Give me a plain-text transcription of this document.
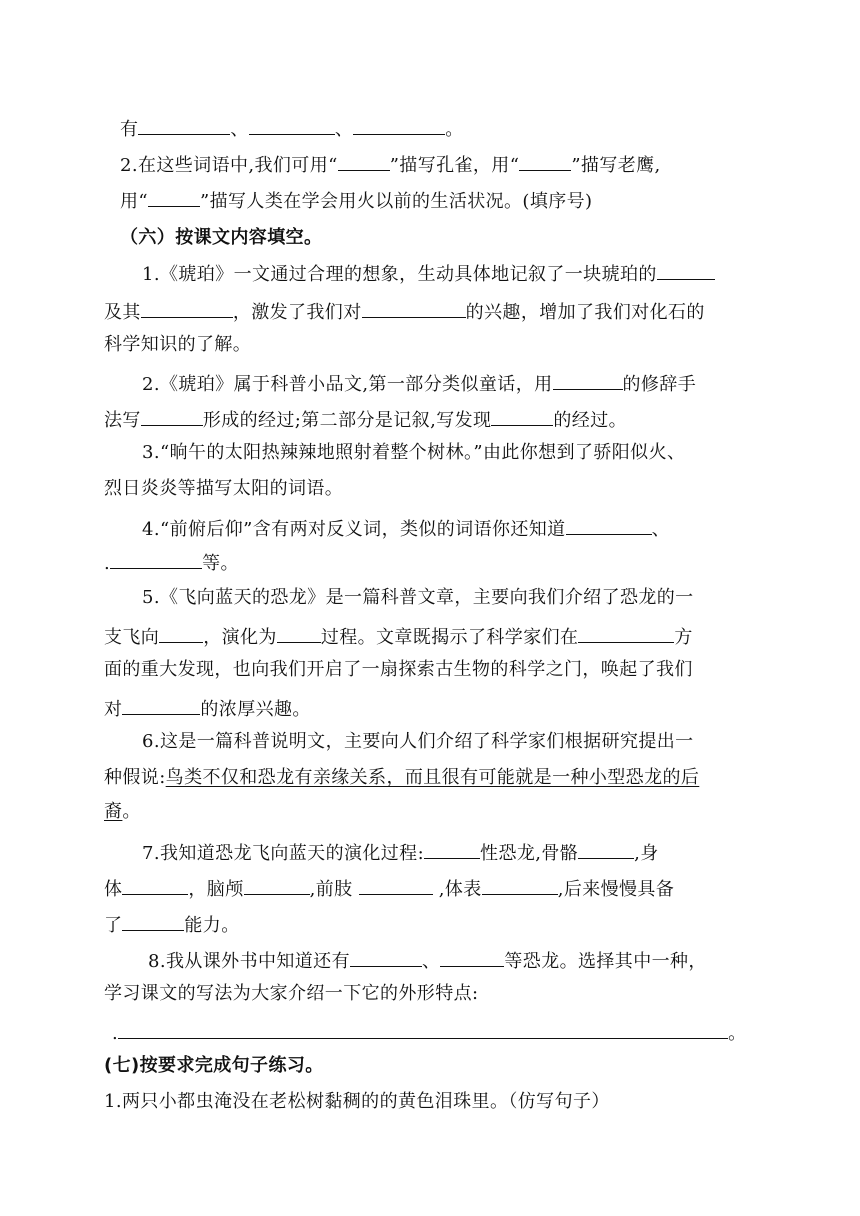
有	、	、	。
2.在这些词语中,我们可用“	”描写孔雀，用“	”描写老鹰,
用“	”描写人类在学会用火以前的生活状况。(填序号)
（六）按课文内容填空。
1.《琥珀》一文通过合理的想象，生动具体地记叙了一块琥珀的
及其	，激发了我们对	的兴趣，增加了我们对化石的
科学知识的了解。
2.《琥珀》属于科普小品文,第一部分类似童话，用	的修辞手
法写	形成的经过;第二部分是记叙,写发现	的经过。
3.“晌午的太阳热辣辣地照射着整个树林。”由此你想到了骄阳似火、
烈日炎炎等描写太阳的词语。
4.“前俯后仰”含有两对反义词，类似的词语你还知道	、
.	等。
5.《飞向蓝天的恐龙》是一篇科普文章，主要向我们介绍了恐龙的一
支飞向 ，演化为 过程。文章既揭示了科学家们在	方
面的重大发现，也向我们开启了一扇探索古生物的科学之门，唤起了我们
对	的浓厚兴趣。
6.这是一篇科普说明文，主要向人们介绍了科学家们根据研究提出一
种假说:鸟类不仅和恐龙有亲缘关系，而且很有可能就是一种小型恐龙的后
裔。
7.我知道恐龙飞向蓝天的演化过程:	性恐龙,骨骼	,身
体	，脑颅	,前肢	,体表	,后来慢慢具备
了	能力。
8.我从课外书中知道还有	、	等恐龙。选择其中一种，
学习课文的写法为大家介绍一下它的外形特点:
.	。
(七)按要求完成句子练习。
1.两只小都虫淹没在老松树黏稠的的黄色泪珠里。（仿写句子）
